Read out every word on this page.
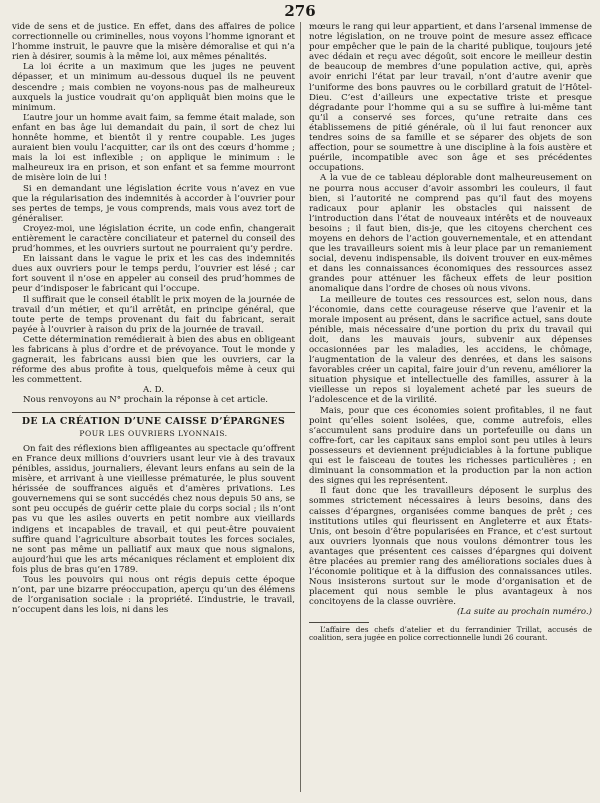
276

vide de sens et de justice. En effet, dans des affaires de police correctionnelle ou criminelles, nous voyons l’homme ignorant et l’homme instruit, le pauvre que la misère démoralise et qui n’a rien à désirer, soumis à la même loi, aux mêmes pénalités.

La loi écrite a un maximum que les juges ne peuvent dépasser, et un minimum au-dessous duquel ils ne peuvent descendre ; mais combien ne voyons-nous pas de malheureux auxquels la justice voudrait qu’on appliquât bien moins que le minimum.

L’autre jour un homme avait faim, sa femme était malade, son enfant en bas âge lui demandait du pain, il sort de chez lui honnête homme, et bientôt il y rentre coupable. Les juges auraient bien voulu l’acquitter, car ils ont des cœurs d’homme ; mais la loi est inflexible ; on applique le minimum : le malheureux ira en prison, et son enfant et sa femme mourront de misère loin de lui !

Si en demandant une législation écrite vous n’avez en vue que la régularisation des indemnités à accorder à l’ouvrier pour ses pertes de temps, je vous comprends, mais vous avez tort de généraliser.

Croyez-moi, une législation écrite, un code enfin, changerait entièrement le caractère conciliateur et paternel du conseil des prud’hommes, et les ouvriers surtout ne pourraient qu’y perdre.

En laissant dans le vague le prix et les cas des indemnités dues aux ouvriers pour le temps perdu, l’ouvrier est lésé ; car fort souvent il n’ose en appeler au conseil des prud’hommes de peur d’indisposer le fabricant qui l’occupe.

Il suffirait que le conseil établît le prix moyen de la journée de travail d’un métier, et qu’il arrêtât, en principe général, que toute perte de temps provenant du fait du fabricant, serait payée à l’ouvrier à raison du prix de la journée de travail.

Cette détermination remédierait à bien des abus en obligeant les fabricans à plus d’ordre et de prévoyance. Tout le monde y gagnerait, les fabricans aussi bien que les ouvriers, car la réforme des abus profite à tous, quelquefois même à ceux qui les commettent.

A. D.

Nous renvoyons au N° prochain la réponse à cet article.

DE LA CRÉATION D’UNE CAISSE D’ÉPARGNES
POUR LES OUVRIERS LYONNAIS.

On fait des réflexions bien affligeantes au spectacle qu’offrent en France deux millions d’ouvriers usant leur vie à des travaux pénibles, assidus, journaliers, élevant leurs enfans au sein de la misère, et arrivant à une vieillesse prématurée, le plus souvent hérissée de souffrances aiguës et d’amères privations. Les gouvernemens qui se sont succédés chez nous depuis 50 ans, se sont peu occupés de guérir cette plaie du corps social ; ils n’ont pas vu que les asiles ouverts en petit nombre aux vieillards indigens et incapables de travail, et qui peut-être pouvaient suffire quand l’agriculture absorbait toutes les forces sociales, ne sont pas même un palliatif aux maux que nous signalons, aujourd’hui que les arts mécaniques réclament et emploient dix fois plus de bras qu’en 1789.

Tous les pouvoirs qui nous ont régis depuis cette époque n’ont, par une bizarre préoccupation, aperçu qu’un des élémens de l’organisation sociale : la propriété. L’industrie, le travail, n’occupent dans les lois, ni dans les

mœurs le rang qui leur appartient, et dans l’arsenal immense de notre législation, on ne trouve point de mesure assez efficace pour empêcher que le pain de la charité publique, toujours jeté avec dédain et reçu avec dégoût, soit encore le meilleur destin de beaucoup de membres d’une population active, qui, après avoir enrichi l’état par leur travail, n’ont d’autre avenir que l’uniforme des bons pauvres ou le corbillard gratuit de l’Hôtel-Dieu. C’est d’ailleurs une expectative triste et presque dégradante pour l’homme qui a su se suffire à lui-même tant qu’il a conservé ses forces, qu’une retraite dans ces établissemens de pitié générale, où il lui faut renoncer aux tendres soins de sa famille et se séparer des objets de son affection, pour se soumettre à une discipline à la fois austère et puérile, incompatible avec son âge et ses précédentes occupations.

A la vue de ce tableau déplorable dont malheureusement on ne pourra nous accuser d’avoir assombri les couleurs, il faut bien, si l’autorité ne comprend pas qu’il faut des moyens radicaux pour aplanir les obstacles qui naissent de l’introduction dans l’état de nouveaux intérêts et de nouveaux besoins ; il faut bien, dis-je, que les citoyens cherchent ces moyens en dehors de l’action gouvernementale, et en attendant que les travailleurs soient mis à leur place par un remaniement social, devenu indispensable, ils doivent trouver en eux-mêmes et dans les connaissances économiques des ressources assez grandes pour atténuer les fâcheux effets de leur position anomalique dans l’ordre de choses où nous vivons.

La meilleure de toutes ces ressources est, selon nous, dans l’économie, dans cette courageuse réserve que l’avenir et la morale imposent au présent, dans le sacrifice actuel, sans doute pénible, mais nécessaire d’une portion du prix du travail qui doit, dans les mauvais jours, subvenir aux dépenses occasionnées par les maladies, les accidens, le chômage, l’augmentation de la valeur des denrées, et dans les saisons favorables créer un capital, faire jouir d’un revenu, améliorer la situation physique et intellectuelle des familles, assurer à la vieillesse un repos si loyalement acheté par les sueurs de l’adolescence et de la virilité.

Mais, pour que ces économies soient profitables, il ne faut point qu’elles soient isolées, que, comme autrefois, elles s’accumulent sans produire dans un portefeuille ou dans un coffre-fort, car les capitaux sans emploi sont peu utiles à leurs possesseurs et deviennent préjudiciables à la fortune publique qui est le faisceau de toutes les richesses particulières ; en diminuant la consommation et la production par la non action des signes qui les représentent.

Il faut donc que les travailleurs déposent le surplus des sommes strictement nécessaires à leurs besoins, dans des caisses d’épargnes, organisées comme banques de prêt ; ces institutions utiles qui fleurissent en Angleterre et aux États-Unis, ont besoin d’être popularisées en France, et c’est surtout aux ouvriers lyonnais que nous voulons démontrer tous les avantages que présentent ces caisses d’épargnes qui doivent être placées au premier rang des améliorations sociales dues à l’économie politique et à la diffusion des connaissances utiles. Nous insisterons surtout sur le mode d’organisation et de placement qui nous semble le plus avantageux à nos concitoyens de la classe ouvrière.

(La suite au prochain numéro.)

L’affaire des chefs d’atelier et du ferrandinier Trillat, accusés de coalition, sera jugée en police correctionnelle lundi 26 courant.
